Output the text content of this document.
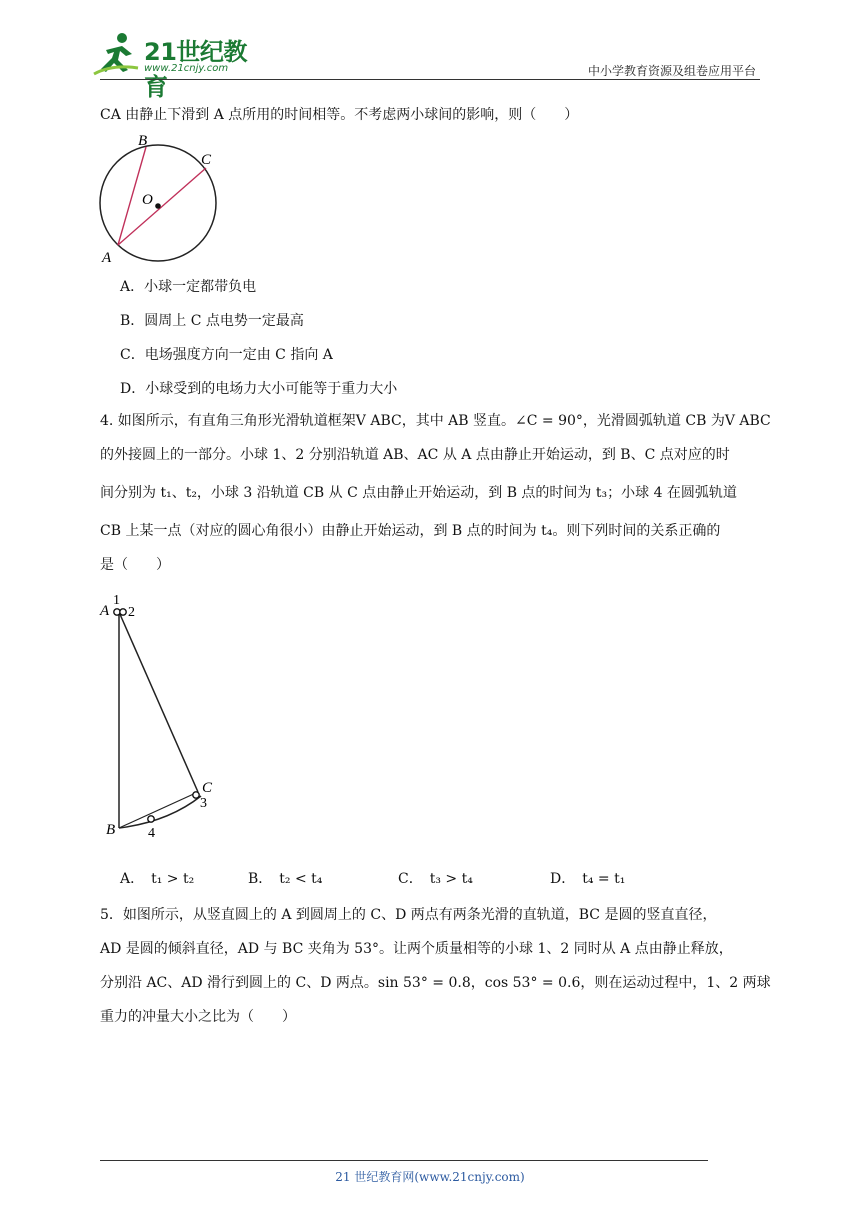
21世纪教育
www.21cnjy.com	中小学教育资源及组卷应用平台
CA 由静止下滑到 A 点所用的时间相等。不考虑两小球间的影响，则（　　）
B
C
O
A
A．小球一定都带负电
B．圆周上 C 点电势一定最高
C．电场强度方向一定由 C 指向 A
D．小球受到的电场力大小可能等于重力大小
4. 如图所示，有直角三角形光滑轨道框架V ABC，其中 AB 竖直。∠C = 90°，光滑圆弧轨道 CB 为V ABC
的外接圆上的一部分。小球 1、2 分别沿轨道 AB、AC 从 A 点由静止开始运动，到 B、C 点对应的时
间分别为 t₁、t₂，小球 3 沿轨道 CB 从 C 点由静止开始运动，到 B 点的时间为 t₃；小球 4 在圆弧轨道
CB 上某一点（对应的圆心角很小）由静止开始运动，到 B 点的时间为 t₄。则下列时间的关系正确的
是（　　）
A
1
2
C
3
B 4
A．　t₁ > t₂	B．　t₂ < t₄	C．　t₃ > t₄	D．　t₄ = t₁
5．如图所示，从竖直圆上的 A 到圆周上的 C、D 两点有两条光滑的直轨道，BC 是圆的竖直直径，
AD 是圆的倾斜直径，AD 与 BC 夹角为 53°。让两个质量相等的小球 1、2 同时从 A 点由静止释放，
分别沿 AC、AD 滑行到圆上的 C、D 两点。sin 53° = 0.8，cos 53° = 0.6，则在运动过程中，1、2 两球
重力的冲量大小之比为（　　）
21 世纪教育网(www.21cnjy.com)
